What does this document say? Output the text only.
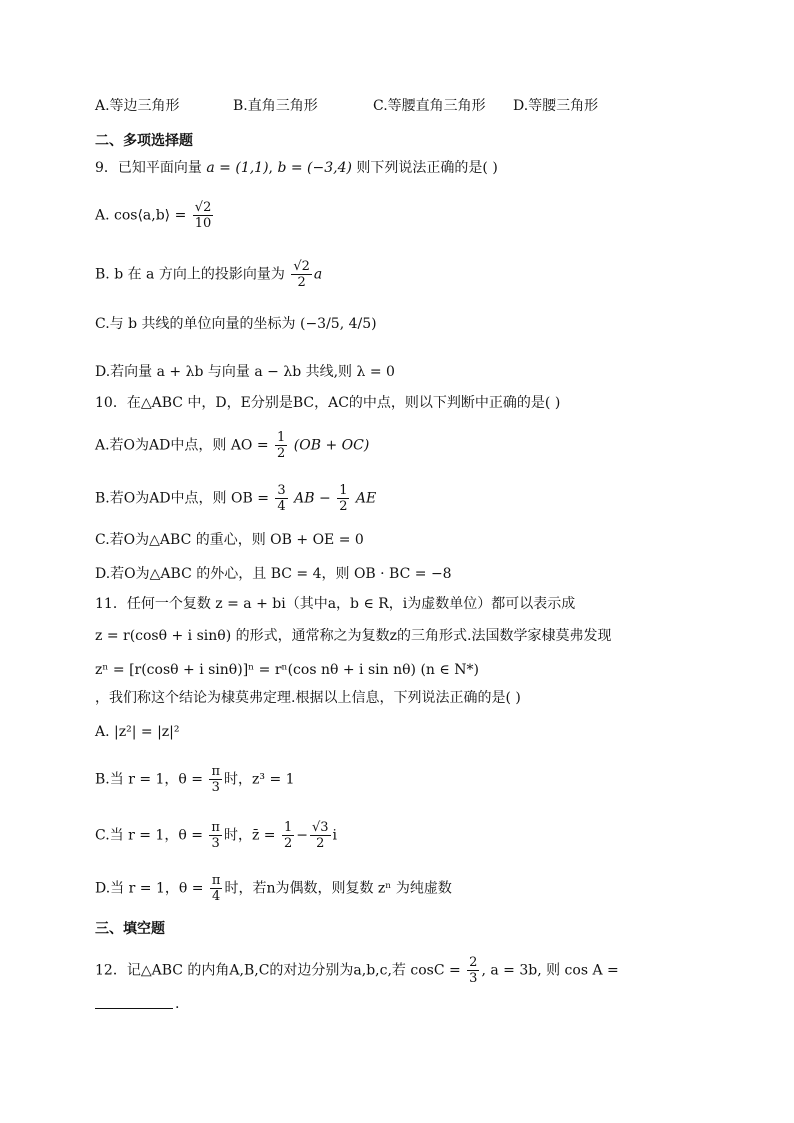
A.等边三角形	B.直角三角形	C.等腰直角三角形 D.等腰三角形
二、多项选择题
9．已知平面向量 a = (1,1), b = (−3,4) 则下列说法正确的是( )
A. cos⟨a,b⟩ = $\frac{√2}{10}$
B. b 在 a 方向上的投影向量为 $\frac{√2}{2}$ a
C.与 b 共线的单位向量的坐标为 (−3/5, 4/5)
D.若向量 a + λb 与向量 a − λb 共线,则 λ = 0
10．在△ABC 中，D，E分别是BC，AC的中点，则以下判断中正确的是( )
A.若O为AD中点，则 AO = $\frac{1}{2} (OB + OC)$
B.若O为AD中点，则 OB = $\frac{3}{4}$ AB − $\frac{1}{2}$ AE
C.若O为△ABC 的重心，则 OB + OE = 0
D.若O为△ABC 的外心，且 BC = 4，则 OB · BC = −8
11．任何一个复数 z = a + bi（其中a，b ∈ R，i为虚数单位）都可以表示成
z = r(cosθ + i sinθ) 的形式，通常称之为复数z的三角形式.法国数学家棣莫弗发现
zⁿ = [r(cosθ + i sinθ)]ⁿ = rⁿ(cos nθ + i sin nθ) (n ∈ N*)
，我们称这个结论为棣莫弗定理.根据以上信息，下列说法正确的是( )
A. |z²| = |z|²
B.当 r = 1，$\theta = \frac{\pi}{3}$ 时，z³ = 1
C.当 r = 1，$\theta = \frac{\pi}{3}$ 时，z̄ = $\frac{1}{2} - \frac{√3}{2}$ i
D.当 r = 1，$\theta = \frac{\pi}{4}$ 时，若n为偶数，则复数 zⁿ 为纯虚数
三、填空题
12．记△ABC 的内角A,B,C的对边分别为a,b,c,若 $\cos C = \frac{2}{3}$ , a = 3b, 则 cos A =
.
